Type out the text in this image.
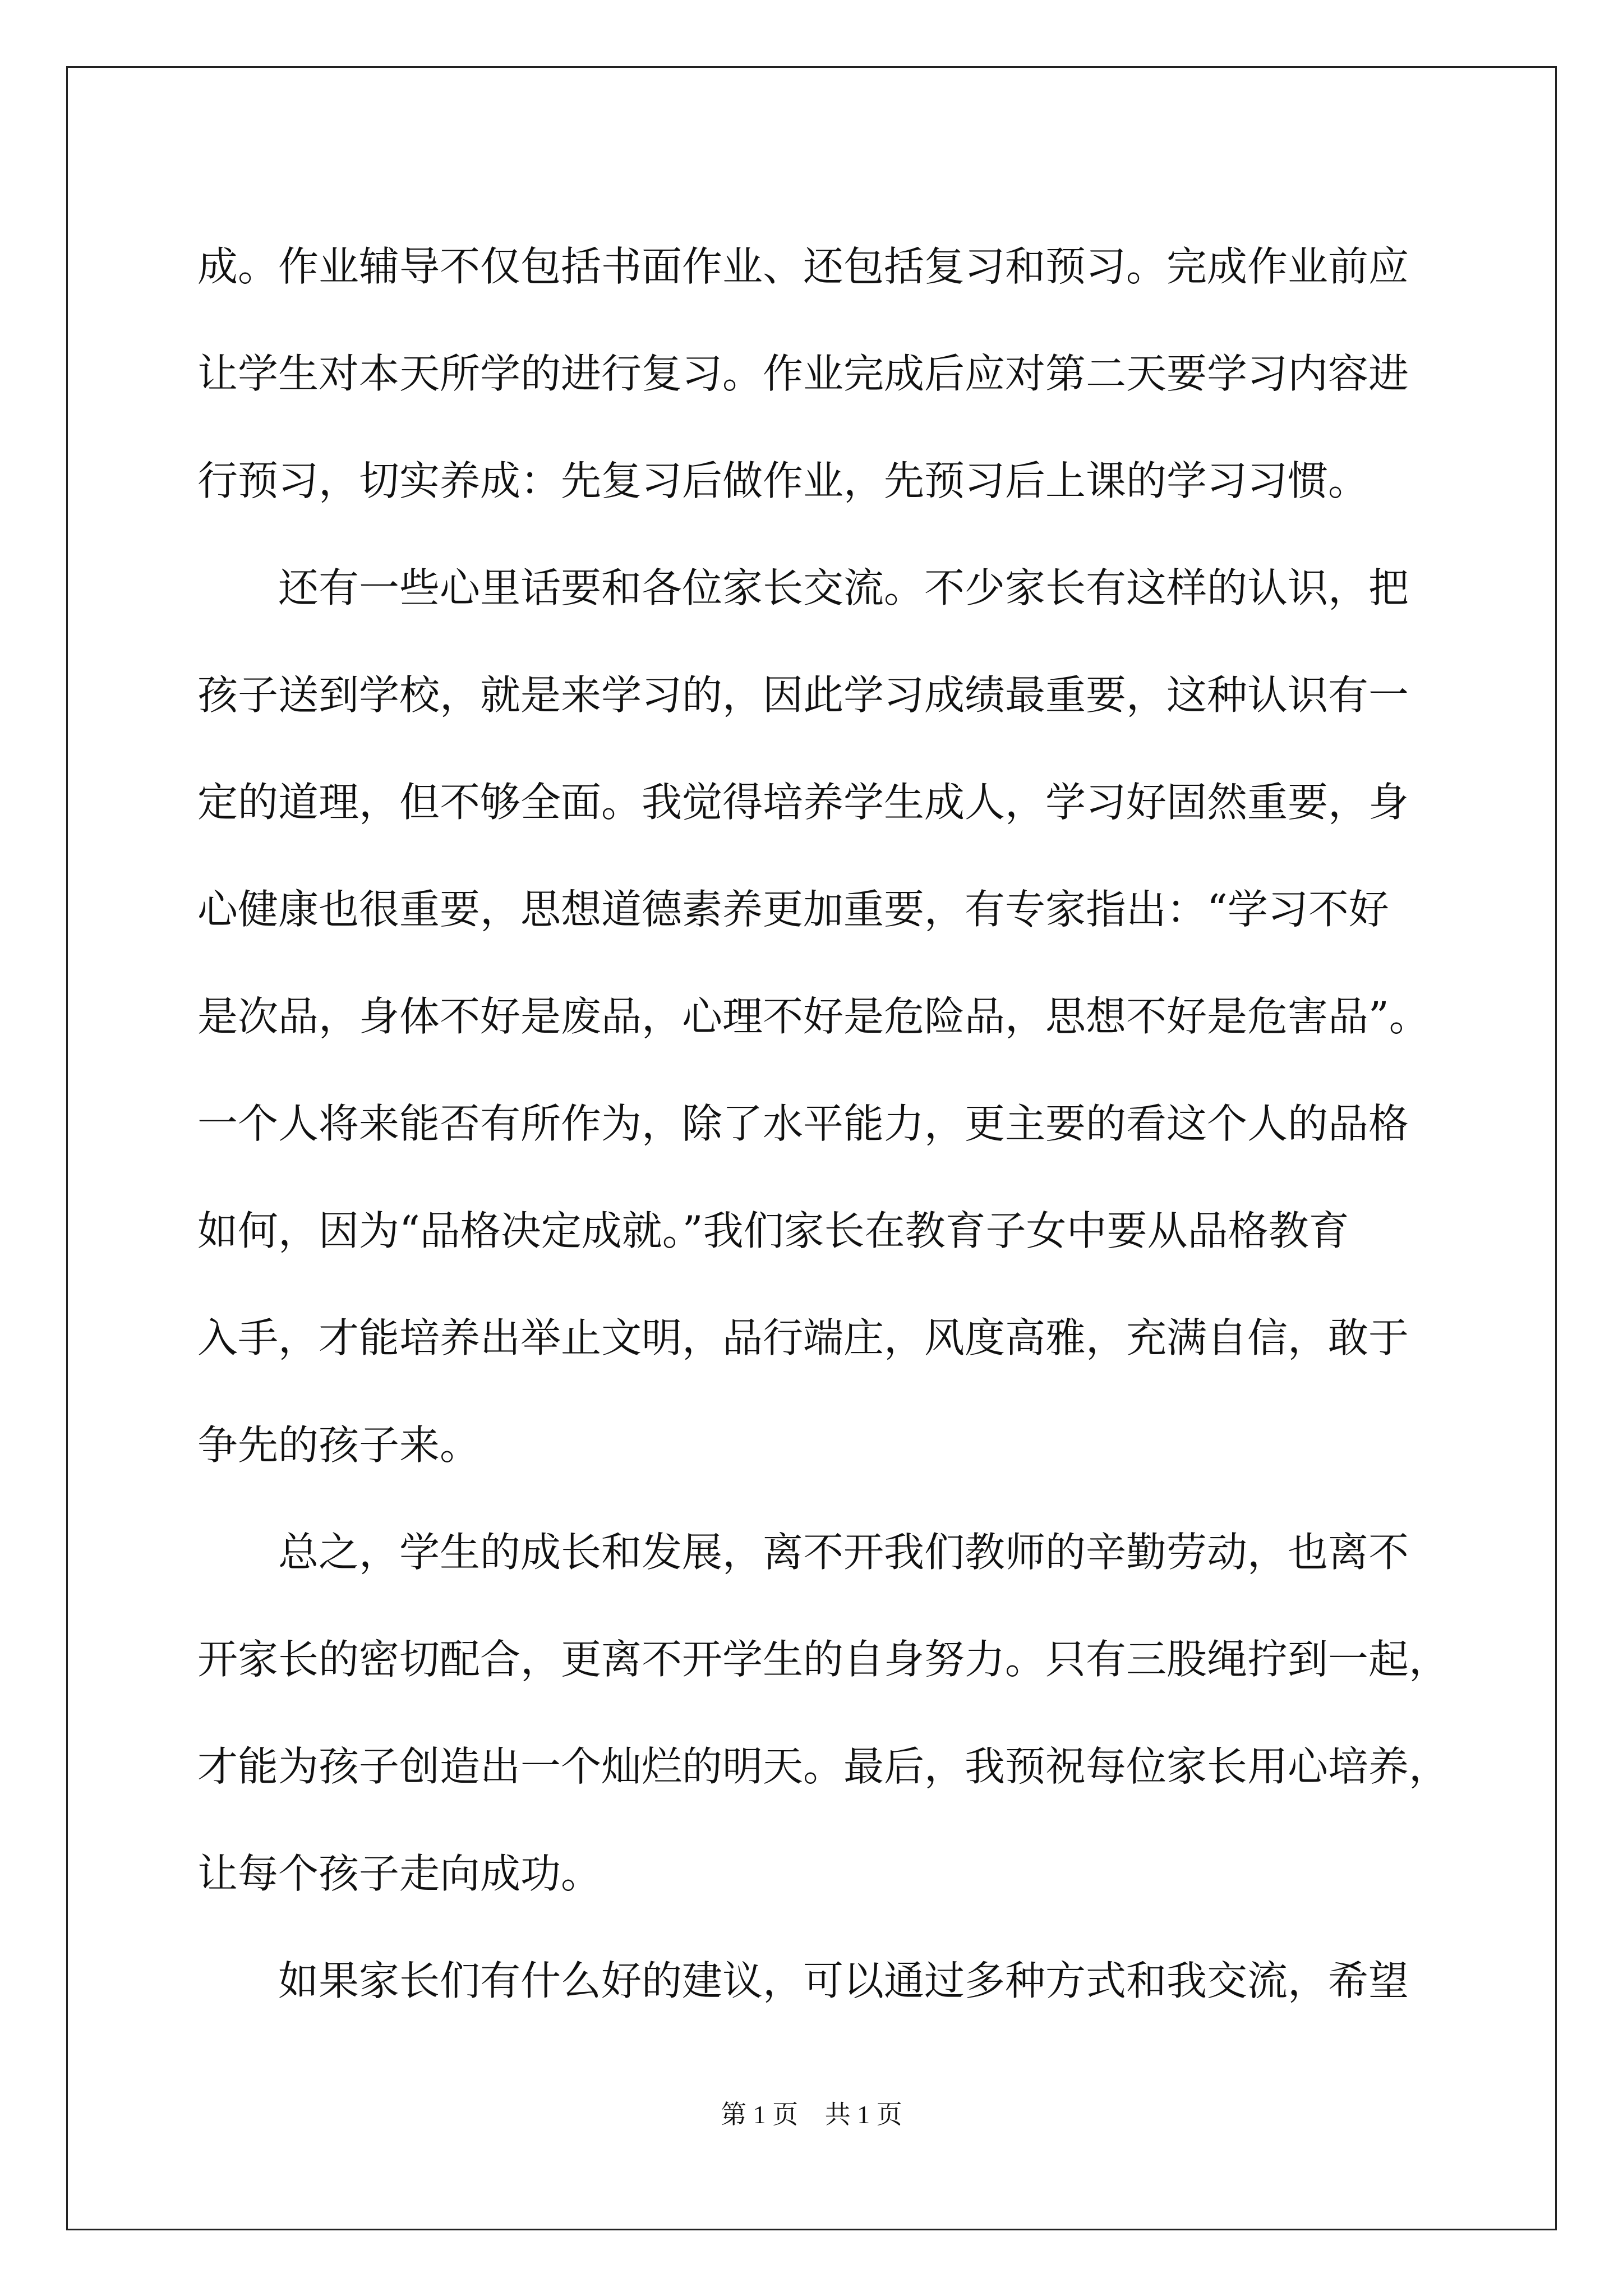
成。作业辅导不仅包括书面作业、还包括复习和预习。完成作业前应
让学生对本天所学的进行复习。作业完成后应对第二天要学习内容进
行预习，切实养成：先复习后做作业，先预习后上课的学习习惯。
还有一些心里话要和各位家长交流。不少家长有这样的认识，把
孩子送到学校，就是来学习的，因此学习成绩最重要，这种认识有一
定的道理，但不够全面。我觉得培养学生成人，学习好固然重要，身
心健康也很重要，思想道德素养更加重要，有专家指出：“学习不好
是次品，身体不好是废品，心理不好是危险品，思想不好是危害品”。
一个人将来能否有所作为，除了水平能力，更主要的看这个人的品格
如何，因为“品格决定成就。”我们家长在教育子女中要从品格教育
入手，才能培养出举止文明，品行端庄，风度高雅，充满自信，敢于
争先的孩子来。
总之，学生的成长和发展，离不开我们教师的辛勤劳动，也离不
开家长的密切配合，更离不开学生的自身努力。只有三股绳拧到一起，
才能为孩子创造出一个灿烂的明天。最后，我预祝每位家长用心培养，
让每个孩子走向成功。
如果家长们有什么好的建议，可以通过多种方式和我交流，希望
第 1 页 共 1 页
